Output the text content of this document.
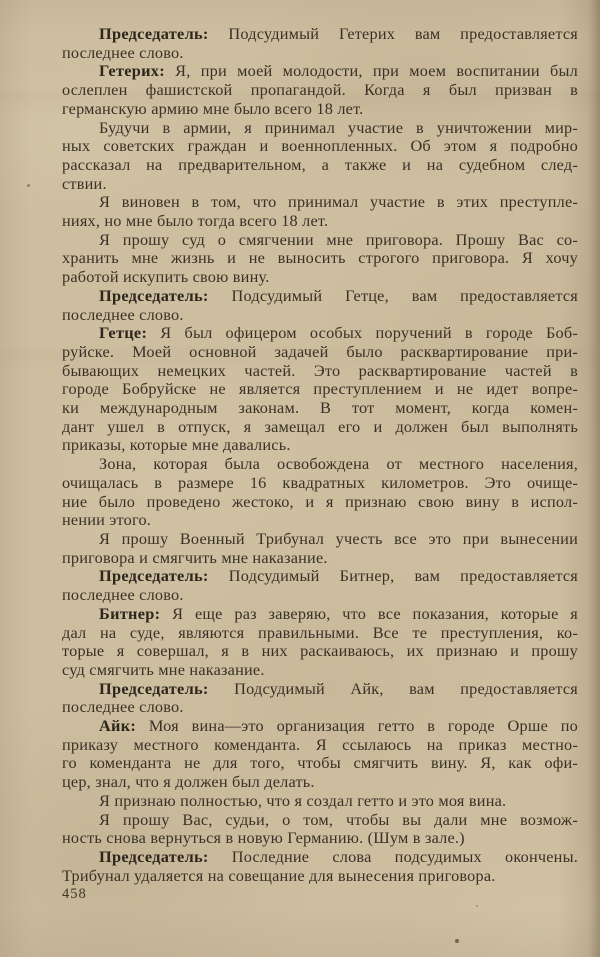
Председатель: Подсудимый Гетерих вам предоставляется
последнее слово.

Гетерих: Я, при моей молодости, при моем воспитании был
ослеплен фашистской пропагандой. Когда я был призван в
германскую армию мне было всего 18 лет.

Будучи в армии, я принимал участие в уничтожении мир-
ных советских граждан и военнопленных. Об этом я подробно
рассказал на предварительном, а также и на судебном след-
ствии.

Я виновен в том, что принимал участие в этих преступле-
ниях, но мне было тогда всего 18 лет.

Я прошу суд о смягчении мне приговора. Прошу Вас со-
хранить мне жизнь и не выносить строгого приговора. Я хочу
работой искупить свою вину.

Председатель: Подсудимый Гетце, вам предоставляется
последнее слово.

Гетце: Я был офицером особых поручений в городе Боб-
руйске. Моей основной задачей было расквартирование при-
бывающих немецких частей. Это расквартирование частей в
городе Бобруйске не является преступлением и не идет вопре-
ки международным законам. В тот момент, когда комен-
дант ушел в отпуск, я замещал его и должен был выполнять
приказы, которые мне давались.

Зона, которая была освобождена от местного населения,
очищалась в размере 16 квадратных километров. Это очище-
ние было проведено жестоко, и я признаю свою вину в испол-
нении этого.

Я прошу Военный Трибунал учесть все это при вынесении
приговора и смягчить мне наказание.

Председатель: Подсудимый Битнер, вам предоставляется
последнее слово.

Битнер: Я еще раз заверяю, что все показания, которые я
дал на суде, являются правильными. Все те преступления, ко-
торые я совершал, я в них раскаиваюсь, их признаю и прошу
суд смягчить мне наказание.

Председатель: Подсудимый Айк, вам предоставляется
последнее слово.

Айк: Моя вина—это организация гетто в городе Орше по
приказу местного коменданта. Я ссылаюсь на приказ местно-
го коменданта не для того, чтобы смягчить вину. Я, как офи-
цер, знал, что я должен был делать.

Я признаю полностью, что я создал гетто и это моя вина.

Я прошу Вас, судьи, о том, чтобы вы дали мне возмож-
ность снова вернуться в новую Германию. (Шум в зале.)

Председатель: Последние слова подсудимых окончены.
Трибунал удаляется на совещание для вынесения приговора.

458
